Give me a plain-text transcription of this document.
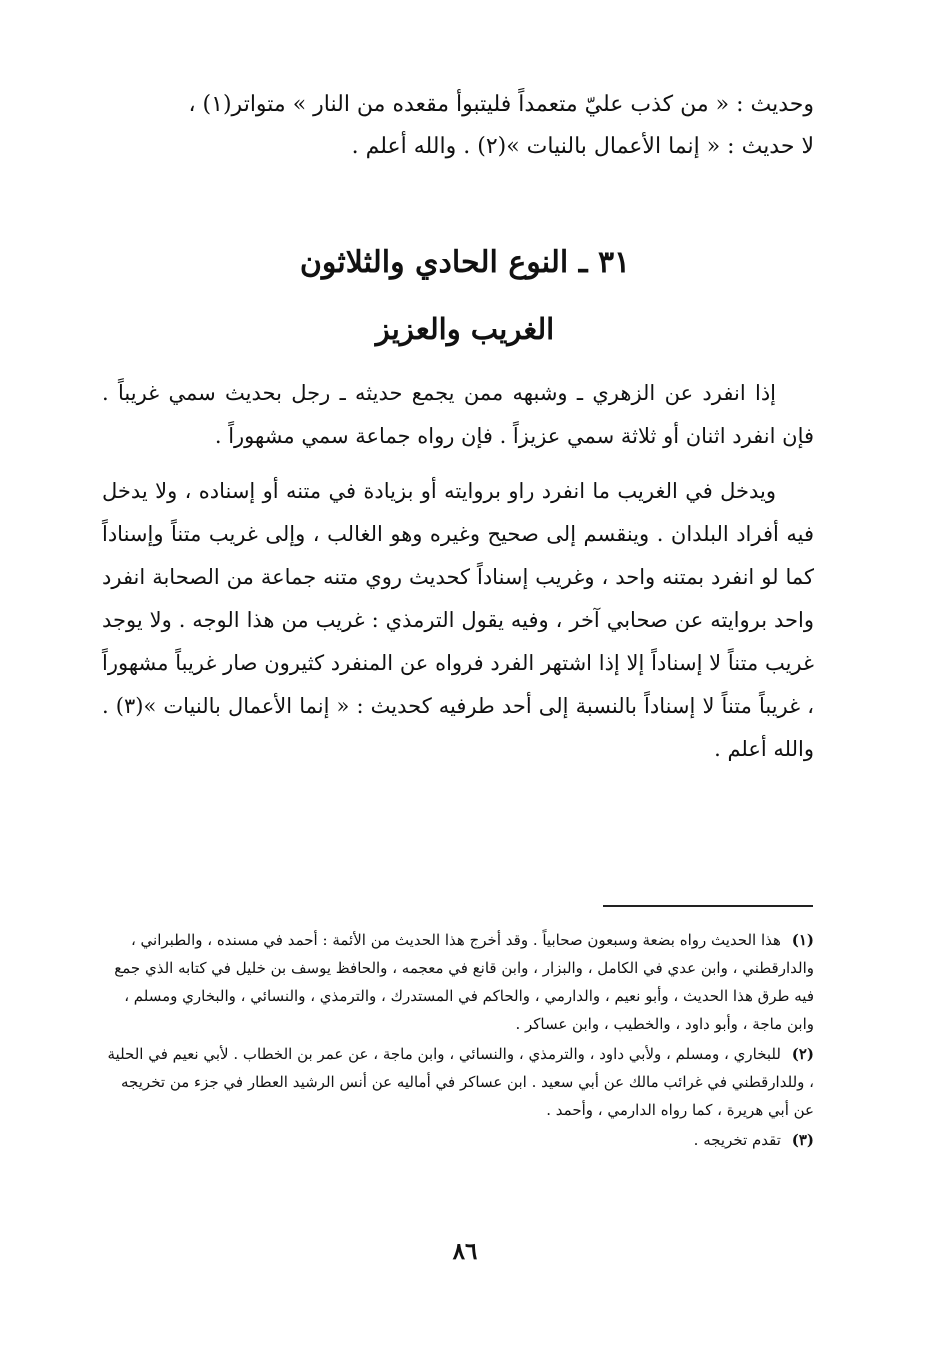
وحديث : « من كذب عليّ متعمداً فليتبوأ مقعده من النار » متواتر(١) ،

لا حديث : « إنما الأعمال بالنيات »(٢) . والله أعلم .

٣١ ـ النوع الحادي والثلاثون
الغريب والعزيز

إذا انفرد عن الزهري ـ وشبهه ممن يجمع حديثه ـ رجل بحديث سمي غريباً . فإن انفرد اثنان أو ثلاثة سمي عزيزاً . فإن رواه جماعة سمي مشهوراً .

ويدخل في الغريب ما انفرد راو بروايته أو بزيادة في متنه أو إسناده ، ولا يدخل فيه أفراد البلدان . وينقسم إلى صحيح وغيره وهو الغالب ، وإلى غريب متناً وإسناداً كما لو انفرد بمتنه واحد ، وغريب إسناداً كحديث روي متنه جماعة من الصحابة انفرد واحد بروايته عن صحابي آخر ، وفيه يقول الترمذي : غريب من هذا الوجه . ولا يوجد غريب متناً لا إسناداً إلا إذا اشتهر الفرد فرواه عن المنفرد كثيرون صار غريباً مشهوراً ، غريباً متناً لا إسناداً بالنسبة إلى أحد طرفيه كحديث : « إنما الأعمال بالنيات »(٣) . والله أعلم .

(١) هذا الحديث رواه بضعة وسبعون صحابياً . وقد أخرج هذا الحديث من الأئمة : أحمد في مسنده ، والطبراني ، والدارقطني ، وابن عدي في الكامل ، والبزار ، وابن قانع في معجمه ، والحافظ يوسف بن خليل في كتابه الذي جمع فيه طرق هذا الحديث ، وأبو نعيم ، والدارمي ، والحاكم في المستدرك ، والترمذي ، والنسائي ، والبخاري ومسلم ، وابن ماجة ، وأبو داود ، والخطيب ، وابن عساكر .
(٢) للبخاري ، ومسلم ، ولأبي داود ، والترمذي ، والنسائي ، وابن ماجة ، عن عمر بن الخطاب . لأبي نعيم في الحلية ، وللدارقطني في غرائب مالك عن أبي سعيد . ابن عساكر في أماليه عن أنس الرشيد العطار في جزء من تخريجه عن أبي هريرة ، كما رواه الدارمي ، وأحمد .
(٣) تقدم تخريجه .
٨٦
